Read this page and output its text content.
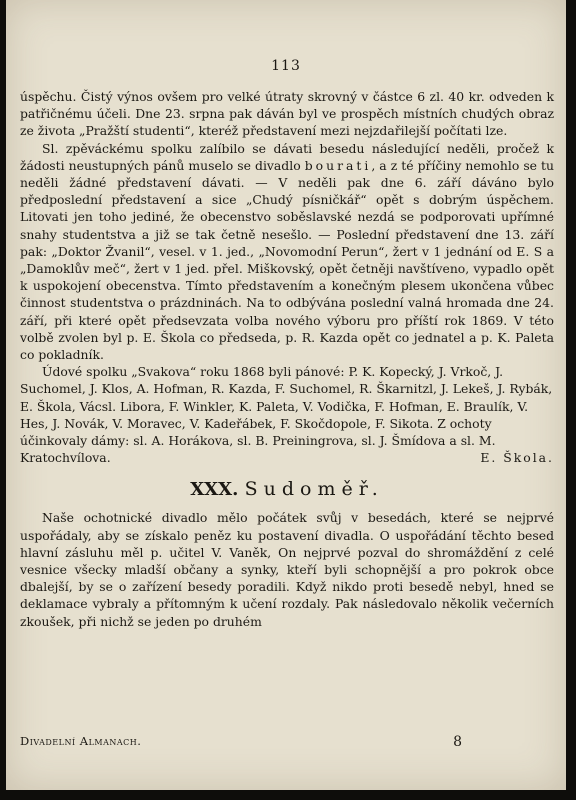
113

úspěchu. Čistý výnos ovšem pro velké útraty skrovný v částce 6 zl. 40 kr. odveden k patřičnému účeli. Dne 23. srpna pak dáván byl ve prospěch místních chudých obraz ze života „Pražští studenti“, kteréž představení mezi nejzdařilejší počítati lze.

Sl. zpěváckému spolku zalíbilo se dávati besedu následující neděli, pročež k žádosti neustupných pánů muselo se divadlo bourati, a z té příčiny nemohlo se tu neděli žádné představení dávati. — V neděli pak dne 6. září dáváno bylo předposlední představení a sice „Chudý písničkář“ opět s dobrým úspěchem. Litovati jen toho jediné, že obecenstvo soběslavské nezdá se podporovati upřímné snahy studentstva a již se tak četně nesešlo. — Poslední představení dne 13. září pak: „Doktor Žvanil“, vesel. v 1. jed., „Novomodní Perun“, žert v 1 jednání od E. S a „Damoklův meč“, žert v 1 jed. přel. Miškovský, opět četněji navštíveno, vypadlo opět k uspokojení obecenstva. Tímto představením a konečným plesem ukončena vůbec činnost studentstva o prázdninách. Na to odbývána poslední valná hromada dne 24. září, při které opět předsevzata volba nového výboru pro příští rok 1869. V tétо volbě zvolen byl p. E. Škola co předseda, p. R. Kazda opět co jednatel a p. K. Paleta co pokladník.

Údové spolku „Svakova“ roku 1868 byli pánové: P. K. Kopecký, J. Vrkoč, J. Suchomel, J. Klos, A. Hofman, R. Kazda, F. Suchomel, R. Škarnitzl, J. Lekeš, J. Rybák, E. Škola, Vácsl. Libora, F. Winkler, K. Paleta, V. Vodička, F. Hofman, E. Braulík, V. Hes, J. Novák, V. Moravec, V. Kadeřábek, F. Skočdopole, F. Sikota. Z ochoty účinkovaly dámy: sl. A. Horákova, sl. B. Preiningrova, sl. J. Šmídova a sl. M. Kratochvílova.	E. Škola.

XXX. Sudoměř.

Naše ochotnické divadlo mělo počátek svůj v besedách, které se nejprvé uspořádaly, aby se získalo peněz ku postavení divadla. O uspořádání těchto besed hlavní zásluhu měl p. učitel V. Vaněk, On nejprvé pozval do shromáždění z celé vesnice všecky mladší občany a synky, kteří byli schopnější a pro pokrok obce dbalejší, by se o zařízení besedy poradili. Když nikdo proti besedě nebyl, hned se deklamace vybraly a přítomným k učení rozdaly. Pak následovalo několik večerních zkoušek, při nichž se jeden po druhém

Divadelní Almanach.	8
